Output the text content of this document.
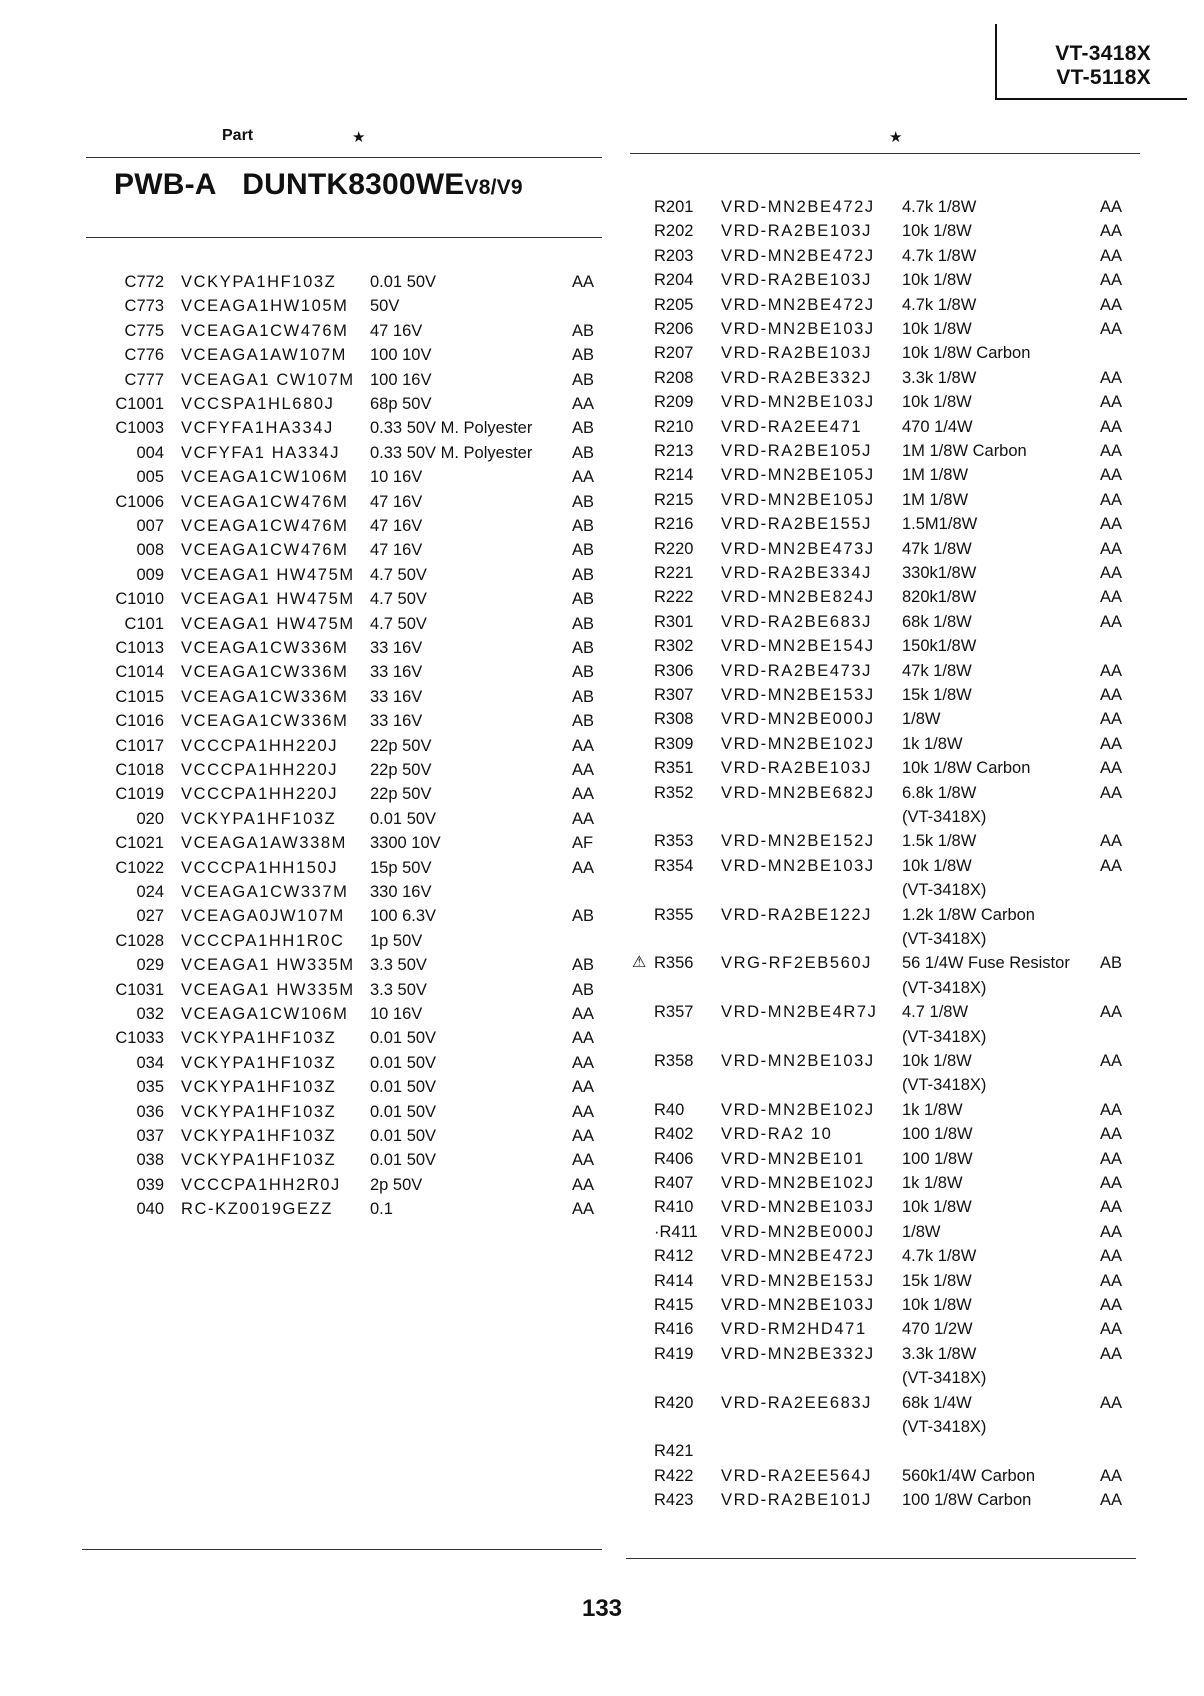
VT-3418X
VT-5118X
Part	★	★
PWB-A DUNTK8300WEV8/V9
C772 VCKYPA1HF103Z 0.01 50V	AA
C773 VCEAGA1HW105M 50V
C775 VCEAGA1CW476M 47 16V	AB
C776 VCEAGA1AW107M 100 10V	AB
C777 VCEAGA1 CW107M 100 16V	AB
C1001 VCCSPA1HL680J 68p 50V	AA
C1003 VCFYFA1HA334J 0.33 50V M. Polyester AB
004 VCFYFA1 HA334J 0.33 50V M. Polyester AB
005 VCEAGA1CW106M 10 16V	AA
C1006 VCEAGA1CW476M 47 16V	AB
007 VCEAGA1CW476M 47 16V	AB
008 VCEAGA1CW476M 47 16V	AB
009 VCEAGA1 HW475M 4.7 50V	AB
C1010 VCEAGA1 HW475M 4.7 50V	AB
C101 VCEAGA1 HW475M 4.7 50V	AB
C1013 VCEAGA1CW336M 33 16V	AB
C1014 VCEAGA1CW336M 33 16V	AB
C1015 VCEAGA1CW336M 33 16V	AB
C1016 VCEAGA1CW336M 33 16V	AB
C1017 VCCCPA1HH220J 22p 50V	AA
C1018 VCCCPA1HH220J 22p 50V	AA
C1019 VCCCPA1HH220J 22p 50V	AA
020 VCKYPA1HF103Z 0.01 50V	AA
C1021 VCEAGA1AW338M 3300 10V	AF
C1022 VCCCPA1HH150J 15p 50V	AA
024 VCEAGA1CW337M 330 16V
027 VCEAGA0JW107M 100 6.3V	AB
C1028 VCCCPA1HH1R0C 1p 50V
029 VCEAGA1 HW335M 3.3 50V	AB
C1031 VCEAGA1 HW335M 3.3 50V	AB
032 VCEAGA1CW106M 10 16V	AA
C1033 VCKYPA1HF103Z 0.01 50V	AA
034 VCKYPA1HF103Z 0.01 50V	AA
035 VCKYPA1HF103Z 0.01 50V	AA
036 VCKYPA1HF103Z 0.01 50V	AA
037 VCKYPA1HF103Z 0.01 50V	AA
038 VCKYPA1HF103Z 0.01 50V	AA
039 VCCCPA1HH2R0J 2p 50V	AA
040 RC-KZ0019GEZZ 0.1	AA
R201 VRD-MN2BE472J 4.7k 1/8W	AA
R202 VRD-RA2BE103J 10k 1/8W	AA
R203 VRD-MN2BE472J 4.7k 1/8W	AA
R204 VRD-RA2BE103J 10k 1/8W	AA
R205 VRD-MN2BE472J 4.7k 1/8W	AA
R206 VRD-MN2BE103J 10k 1/8W	AA
R207 VRD-RA2BE103J 10k 1/8W Carbon
R208 VRD-RA2BE332J 3.3k 1/8W	AA
R209 VRD-MN2BE103J 10k 1/8W	AA
R210 VRD-RA2EE471 470 1/4W	AA
R213 VRD-RA2BE105J 1M 1/8W Carbon	AA
R214 VRD-MN2BE105J 1M 1/8W	AA
R215 VRD-MN2BE105J 1M 1/8W	AA
R216 VRD-RA2BE155J 1.5M1/8W	AA
R220 VRD-MN2BE473J 47k 1/8W	AA
R221 VRD-RA2BE334J 330k1/8W	AA
R222 VRD-MN2BE824J 820k1/8W	AA
R301 VRD-RA2BE683J 68k 1/8W	AA
R302 VRD-MN2BE154J 150k1/8W
R306 VRD-RA2BE473J 47k 1/8W	AA
R307 VRD-MN2BE153J 15k 1/8W	AA
R308 VRD-MN2BE000J 1/8W	AA
R309 VRD-MN2BE102J 1k 1/8W	AA
R351 VRD-RA2BE103J 10k 1/8W Carbon	AA
R352 VRD-MN2BE682J 6.8k 1/8W	AA
(VT-3418X)
R353 VRD-MN2BE152J 1.5k 1/8W	AA
R354 VRD-MN2BE103J 10k 1/8W	AA
(VT-3418X)
R355 VRD-RA2BE122J 1.2k 1/8W Carbon
(VT-3418X)
⚠ R356 VRG-RF2EB560J 56 1/4W Fuse Resistor AB
(VT-3418X)
R357 VRD-MN2BE4R7J 4.7 1/8W	AA
(VT-3418X)
R358 VRD-MN2BE103J 10k 1/8W	AA
(VT-3418X)
R40 VRD-MN2BE102J 1k 1/8W	AA
R402 VRD-RA2 10	100 1/8W	AA
R406 VRD-MN2BE101 100 1/8W	AA
R407 VRD-MN2BE102J 1k 1/8W	AA
R410 VRD-MN2BE103J 10k 1/8W	AA
·R411 VRD-MN2BE000J 1/8W	AA
R412 VRD-MN2BE472J 4.7k 1/8W	AA
R414 VRD-MN2BE153J 15k 1/8W	AA
R415 VRD-MN2BE103J 10k 1/8W	AA
R416 VRD-RM2HD471 470 1/2W	AA
R419 VRD-MN2BE332J 3.3k 1/8W	AA
(VT-3418X)
R420 VRD-RA2EE683J 68k 1/4W	AA
(VT-3418X)
R421
R422 VRD-RA2EE564J 560k1/4W Carbon	AA
R423 VRD-RA2BE101J 100 1/8W Carbon	AA
133
